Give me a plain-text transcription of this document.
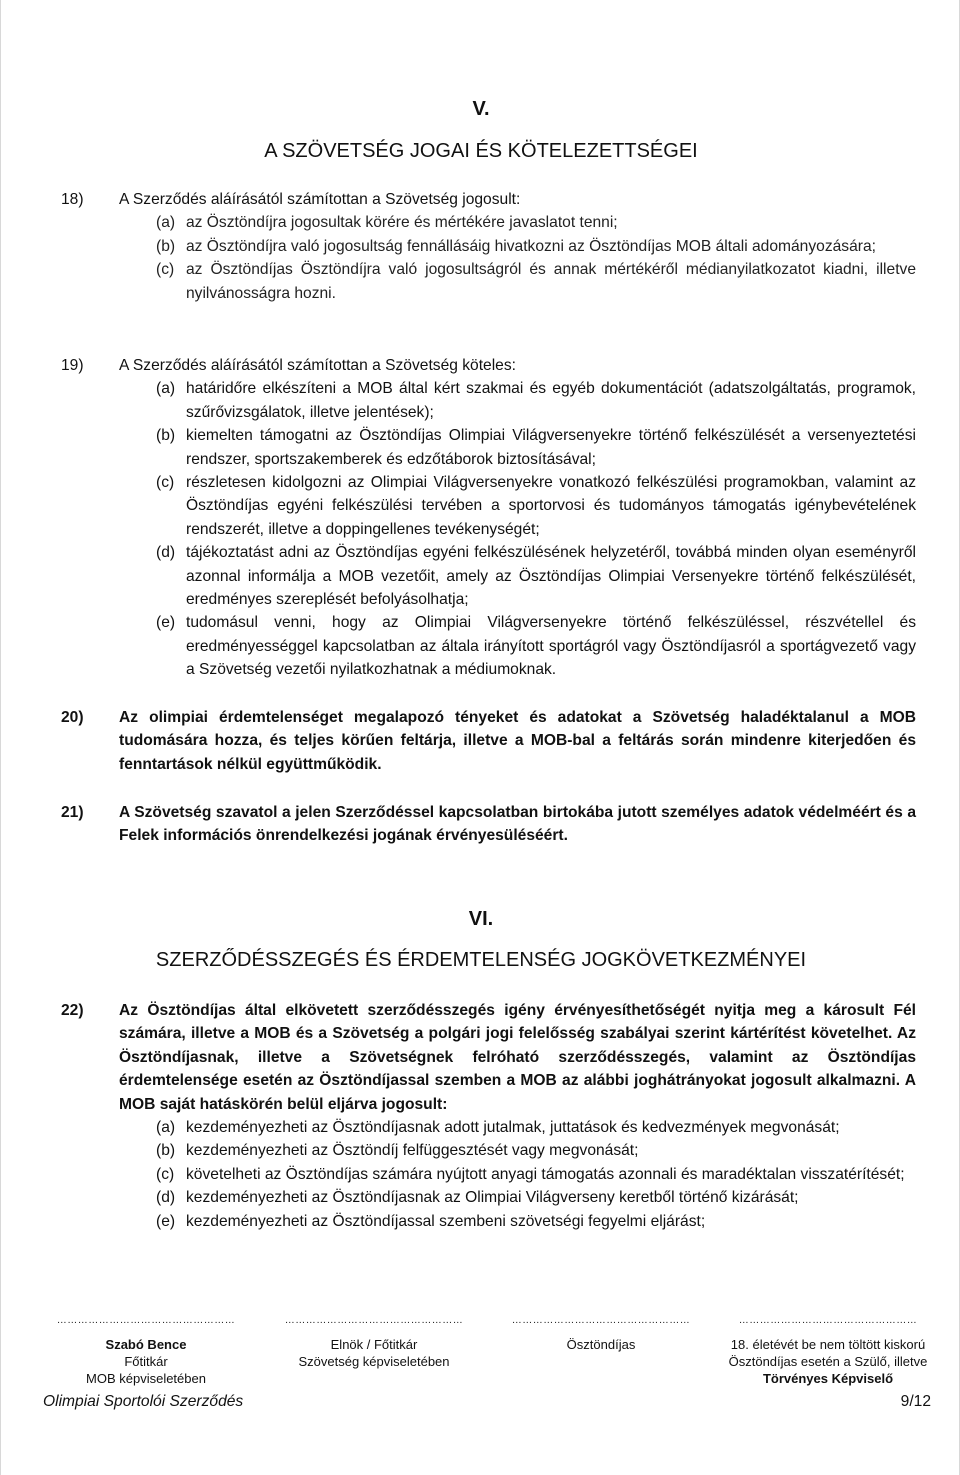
V.
A SZÖVETSÉG JOGAI ÉS KÖTELEZETTSÉGEI
18) A Szerződés aláírásától számítottan a Szövetség jogosult:
(a) az Ösztöndíjra jogosultak körére és mértékére javaslatot tenni;
(b) az Ösztöndíjra való jogosultság fennállásáig hivatkozni az Ösztöndíjas MOB általi adományozására;
(c) az Ösztöndíjas Ösztöndíjra való jogosultságról és annak mértékéről médianyilatkozatot kiadni, illetve nyilvánosságra hozni.
19) A Szerződés aláírásától számítottan a Szövetség köteles:
(a) határidőre elkészíteni a MOB által kért szakmai és egyéb dokumentációt (adatszolgáltatás, programok, szűrővizsgálatok, illetve jelentések);
(b) kiemelten támogatni az Ösztöndíjas Olimpiai Világversenyekre történő felkészülését a versenyeztetési rendszer, sportszakemberek és edzőtáborok biztosításával;
(c) részletesen kidolgozni az Olimpiai Világversenyekre vonatkozó felkészülési programokban, valamint az Ösztöndíjas egyéni felkészülési tervében a sportorvosi és tudományos támogatás igénybevételének rendszerét, illetve a doppingellenes tevékenységét;
(d) tájékoztatást adni az Ösztöndíjas egyéni felkészülésének helyzetéről, továbbá minden olyan eseményről azonnal informálja a MOB vezetőit, amely az Ösztöndíjas Olimpiai Versenyekre történő felkészülését, eredményes szereplését befolyásolhatja;
(e) tudomásul venni, hogy az Olimpiai Világversenyekre történő felkészüléssel, részvétellel és eredményességgel kapcsolatban az általa irányított sportágról vagy Ösztöndíjasról a sportágvezető vagy a Szövetség vezetői nyilatkozhatnak a médiumoknak.
20) Az olimpiai érdemtelenséget megalapozó tényeket és adatokat a Szövetség haladéktalanul a MOB tudomására hozza, és teljes körűen feltárja, illetve a MOB-bal a feltárás során mindenre kiterjedően és fenntartások nélkül együttműködik.
21) A Szövetség szavatol a jelen Szerződéssel kapcsolatban birtokába jutott személyes adatok védelméért és a Felek információs önrendelkezési jogának érvényesüléséért.
VI.
SZERZŐDÉSSZEGÉS ÉS ÉRDEMTELENSÉG JOGKÖVETKEZMÉNYEI
22) Az Ösztöndíjas által elkövetett szerződésszegés igény érvényesíthetőségét nyitja meg a károsult Fél számára, illetve a MOB és a Szövetség a polgári jogi felelősség szabályai szerint kártérítést követelhet. Az Ösztöndíjasnak, illetve a Szövetségnek felróható szerződésszegés, valamint az Ösztöndíjas érdemtelensége esetén az Ösztöndíjassal szemben a MOB az alábbi joghátrányokat jogosult alkalmazni. A MOB saját hatáskörén belül eljárva jogosult:
(a) kezdeményezheti az Ösztöndíjasnak adott jutalmak, juttatások és kedvezmények megvonását;
(b) kezdeményezheti az Ösztöndíj felfüggesztését vagy megvonását;
(c) követelheti az Ösztöndíjas számára nyújtott anyagi támogatás azonnali és maradéktalan visszatérítését;
(d) kezdeményezheti az Ösztöndíjasnak az Olimpiai Világverseny keretből történő kizárását;
(e) kezdeményezheti az Ösztöndíjassal szembeni szövetségi fegyelmi eljárást;
……………………………………………
Szabó Bence
Főtitkár
MOB képviseletében
……………………………………………
Elnök / Főtitkár
Szövetség képviseletében
……………………………………………
Ösztöndíjas
……………………………………………
18. életévét be nem töltött kiskorú
Ösztöndíjas esetén a Szülő, illetve
Törvényes Képviselő
Olimpiai Sportolói Szerződés	9/12
